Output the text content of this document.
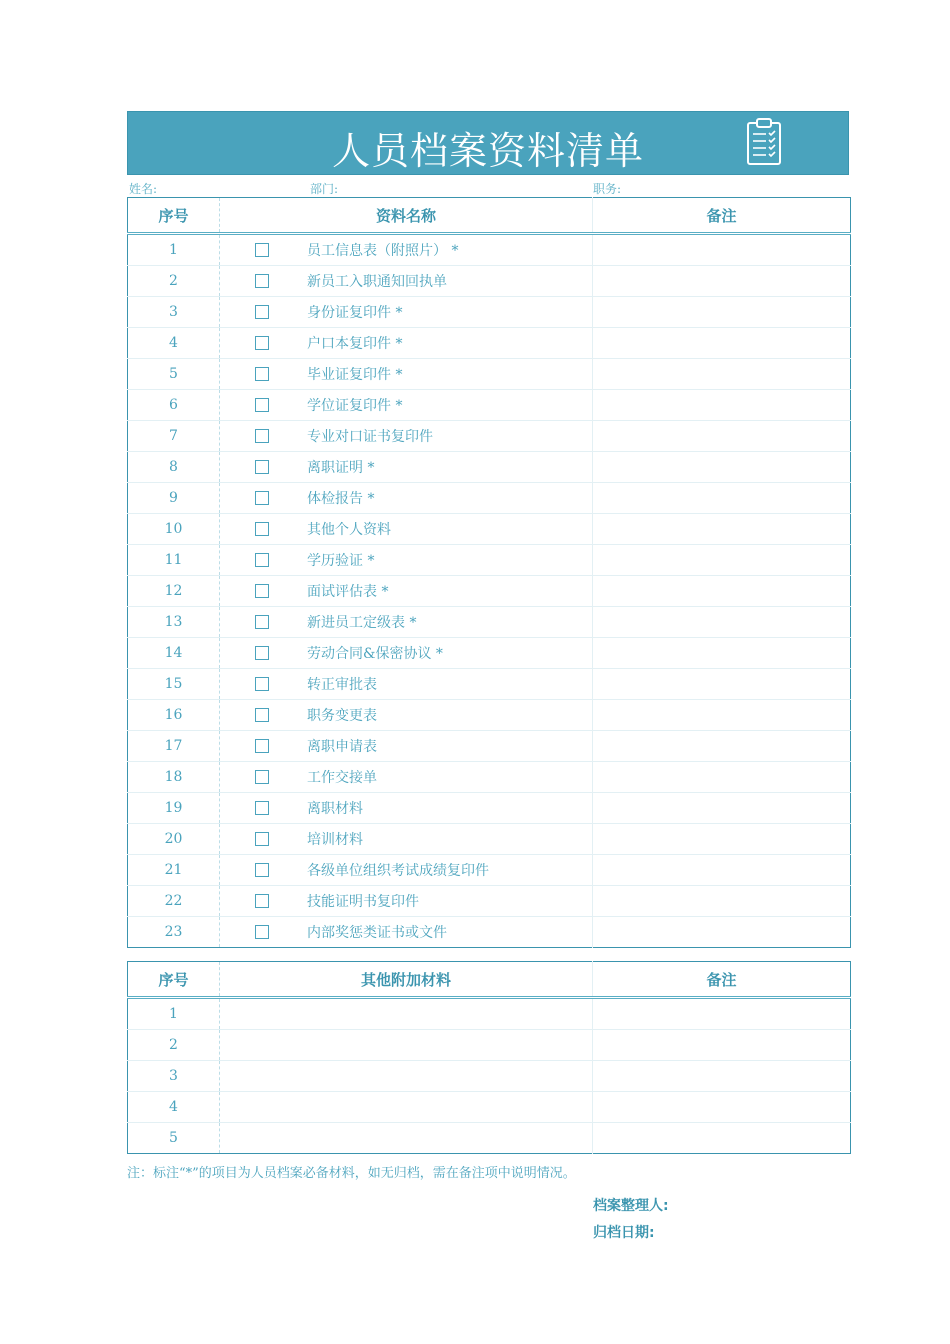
人员档案资料清单
姓名:	部门:	职务:
序号	资料名称	备注
1	员工信息表（附照片） *	
2	新员工入职通知回执单	
3	身份证复印件 *	
4	户口本复印件 *	
5	毕业证复印件 *	
6	学位证复印件 *	
7	专业对口证书复印件	
8	离职证明 *	
9	体检报告 *	
10	其他个人资料	
11	学历验证 *	
12	面试评估表 *	
13	新进员工定级表 *	
14	劳动合同&保密协议 *	
15	转正审批表	
16	职务变更表	
17	离职申请表	
18	工作交接单	
19	离职材料	
20	培训材料	
21	各级单位组织考试成绩复印件	
22	技能证明书复印件	
23	内部奖惩类证书或文件	
序号	其他附加材料	备注
1		
2		
3		
4		
5		
注：标注“*”的项目为人员档案必备材料，如无归档，需在备注项中说明情况。
档案整理人:
归档日期:
